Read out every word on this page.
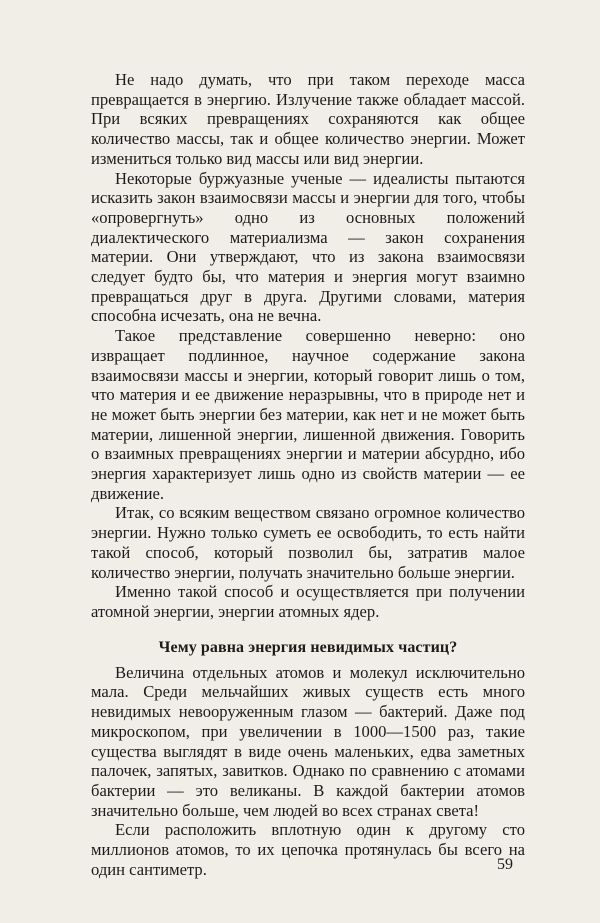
Не надо думать, что при таком переходе масса превращается в энергию. Излучение также обладает массой. При всяких превращениях сохраняются как общее количество массы, так и общее количество энергии. Может измениться только вид массы или вид энергии.

Некоторые буржуазные ученые — идеалисты пытаются исказить закон взаимосвязи массы и энергии для того, чтобы «опровергнуть» одно из основных положений диалектического материализма — закон сохранения материи. Они утверждают, что из закона взаимосвязи следует будто бы, что материя и энергия могут взаимно превращаться друг в друга. Другими словами, материя способна исчезать, она не вечна.

Такое представление совершенно неверно: оно извращает подлинное, научное содержание закона взаимосвязи массы и энергии, который говорит лишь о том, что материя и ее движение неразрывны, что в природе нет и не может быть энергии без материи, как нет и не может быть материи, лишенной энергии, лишенной движения. Говорить о взаимных превращениях энергии и материи абсурдно, ибо энергия характеризует лишь одно из свойств материи — ее движение.

Итак, со всяким веществом связано огромное количество энергии. Нужно только суметь ее освободить, то есть найти такой способ, который позволил бы, затратив малое количество энергии, получать значительно больше энергии.

Именно такой способ и осуществляется при получении атомной энергии, энергии атомных ядер.

Чему равна энергия невидимых частиц?

Величина отдельных атомов и молекул исключительно мала. Среди мельчайших живых существ есть много невидимых невооруженным глазом — бактерий. Даже под микроскопом, при увеличении в 1000—1500 раз, такие существа выглядят в виде очень маленьких, едва заметных палочек, запятых, завитков. Однако по сравнению с атомами бактерии — это великаны. В каждой бактерии атомов значительно больше, чем людей во всех странах света!

Если расположить вплотную один к другому сто миллионов атомов, то их цепочка протянулась бы всего на один сантиметр.	59
